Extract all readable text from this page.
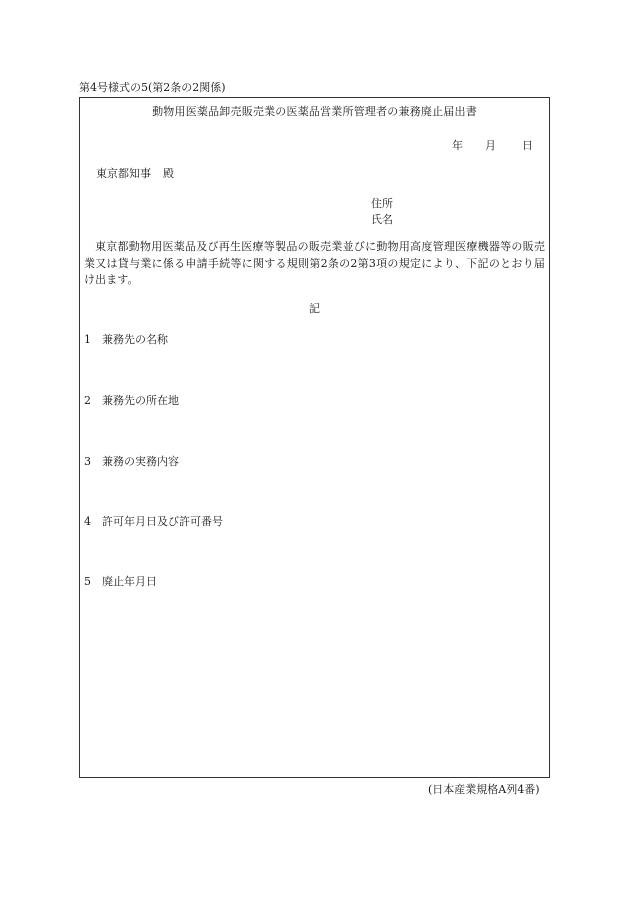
第4号様式の5(第2条の2関係)
動物用医薬品卸売販売業の医薬品営業所管理者の兼務廃止届出書
年 月 日
東京都知事 殿
住所
氏名
東京都動物用医薬品及び再生医療等製品の販売業並びに動物用高度管理医療機器等の販売業又は貸与業に係る申請手続等に関する規則第2条の2第3項の規定により、下記のとおり届け出ます。
記
1 兼務先の名称
2 兼務先の所在地
3 兼務の実務内容
4 許可年月日及び許可番号
5 廃止年月日
(日本産業規格A列4番)
